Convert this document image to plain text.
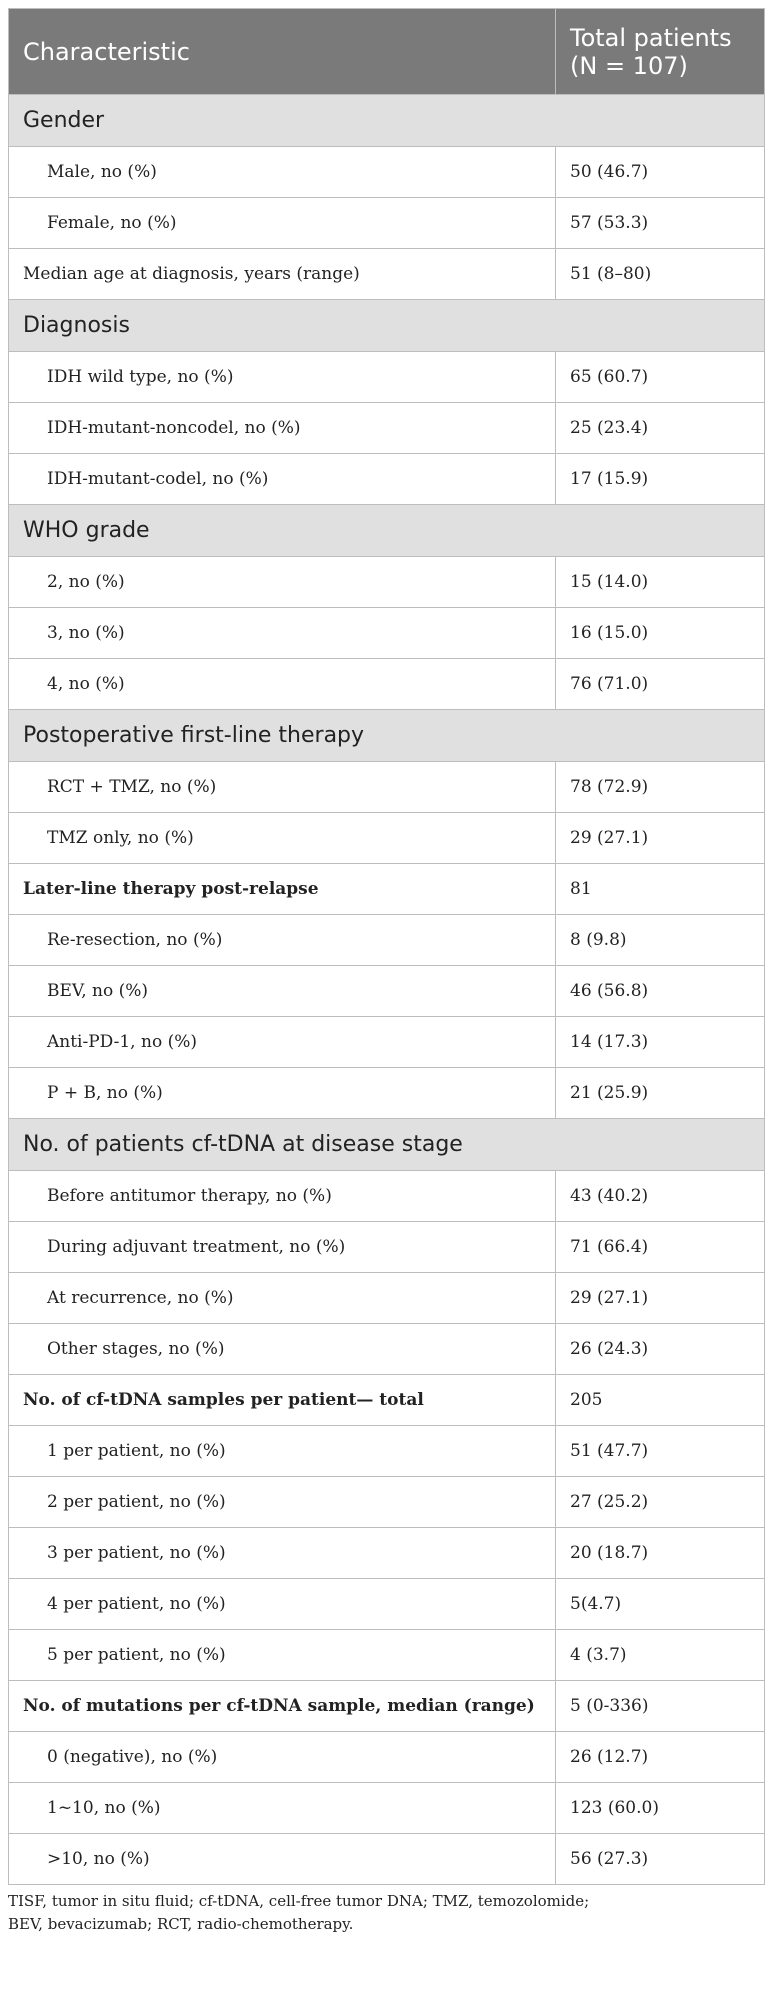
Characteristic	Total patients
(N = 107)
Gender	
Male, no (%)	50 (46.7)
Female, no (%)	57 (53.3)
Median age at diagnosis, years (range)	51 (8–80)
Diagnosis	
IDH wild type, no (%)	65 (60.7)
IDH-mutant-noncodel, no (%)	25 (23.4)
IDH-mutant-codel, no (%)	17 (15.9)
WHO grade	
2, no (%)	15 (14.0)
3, no (%)	16 (15.0)
4, no (%)	76 (71.0)
Postoperative first-line therapy	
RCT + TMZ, no (%)	78 (72.9)
TMZ only, no (%)	29 (27.1)
Later-line therapy post-relapse	81
Re-resection, no (%)	8 (9.8)
BEV, no (%)	46 (56.8)
Anti-PD-1, no (%)	14 (17.3)
P + B, no (%)	21 (25.9)
No. of patients cf-tDNA at disease stage	
Before antitumor therapy, no (%)	43 (40.2)
During adjuvant treatment, no (%)	71 (66.4)
At recurrence, no (%)	29 (27.1)
Other stages, no (%)	26 (24.3)
No. of cf-tDNA samples per patient— total	205
1 per patient, no (%)	51 (47.7)
2 per patient, no (%)	27 (25.2)
3 per patient, no (%)	20 (18.7)
4 per patient, no (%)	5(4.7)
5 per patient, no (%)	4 (3.7)
No. of mutations per cf-tDNA sample, median (range)	5 (0-336)
0 (negative), no (%)	26 (12.7)
1~10, no (%)	123 (60.0)
>10, no (%)	56 (27.3)
TISF, tumor in situ fluid; cf-tDNA, cell-free tumor DNA; TMZ, temozolomide;
BEV, bevacizumab; RCT, radio-chemotherapy.
